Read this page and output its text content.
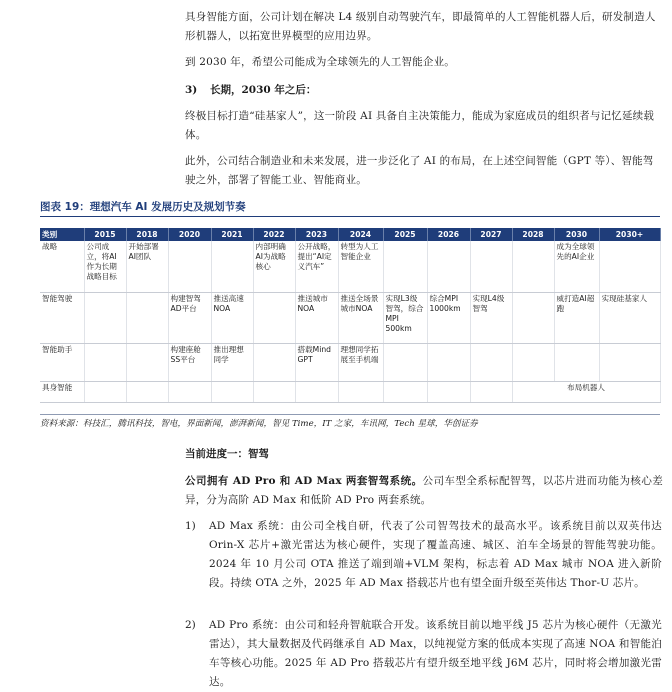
具身智能方面，公司计划在解决 L4 级别自动驾驶汽车，即最简单的人工智能机器人后，研发制造人形机器人，以拓宽世界模型的应用边界。
到 2030 年，希望公司能成为全球领先的人工智能企业。
3) 长期，2030 年之后：
终极目标打造“硅基家人”，这一阶段 AI 具备自主决策能力，能成为家庭成员的组织者与记忆延续载体。
此外，公司结合制造业和未来发展，进一步泛化了 AI 的布局，在上述空间智能（GPT 等）、智能驾驶之外，部署了智能工业、智能商业。
图表 19：理想汽车 AI 发展历史及规划节奏
类别	2015	2018	2020	2021	2022	2023	2024	2025	2026	2027	2028	2030	2030+
战略	公司成立，将AI作为长期战略目标	开始部署AI团队			内部明确AI为战略核心	公开战略，提出“AI定义汽车”	转型为人工智能企业					成为全球领先的AI企业	
智能驾驶			构建智驾AD平台	推送高速NOA		推送城市NOA	推送全场景城市NOA	实现L3级智驾，综合MPI 500km	综合MPI 1000km	实现L4级智驾		威打造AI超跑	实现硅基家人
智能助手			构建座舱SS平台	推出理想同学		搭载Mind GPT	理想同学拓展至手机端						
具身智能											布局机器人		
资料来源：科技汇，腾讯科技，智电，界面新闻，澎湃新闻，智见 Time，IT 之家，车讯网，Tech 星球，华创证券
当前进度一：智驾
公司拥有 AD Pro 和 AD Max 两套智驾系统。公司车型全系标配智驾，以芯片进而功能为核心差异，分为高阶 AD Max 和低阶 AD Pro 两套系统。
1) AD Max 系统：由公司全栈自研，代表了公司智驾技术的最高水平。该系统目前以双英伟达 Orin-X 芯片+激光雷达为核心硬件，实现了覆盖高速、城区、泊车全场景的智能驾驶功能。2024 年 10 月公司 OTA 推送了端到端+VLM 架构，标志着 AD Max 城市 NOA 进入新阶段。持续 OTA 之外，2025 年 AD Max 搭载芯片也有望全面升级至英伟达 Thor-U 芯片。
2) AD Pro 系统：由公司和轻舟智航联合开发。该系统目前以地平线 J5 芯片为核心硬件（无激光雷达），其大量数据及代码继承自 AD Max，以纯视觉方案的低成本实现了高速 NOA 和智能泊车等核心功能。2025 年 AD Pro 搭载芯片有望升级至地平线 J6M 芯片，同时将会增加激光雷达。
